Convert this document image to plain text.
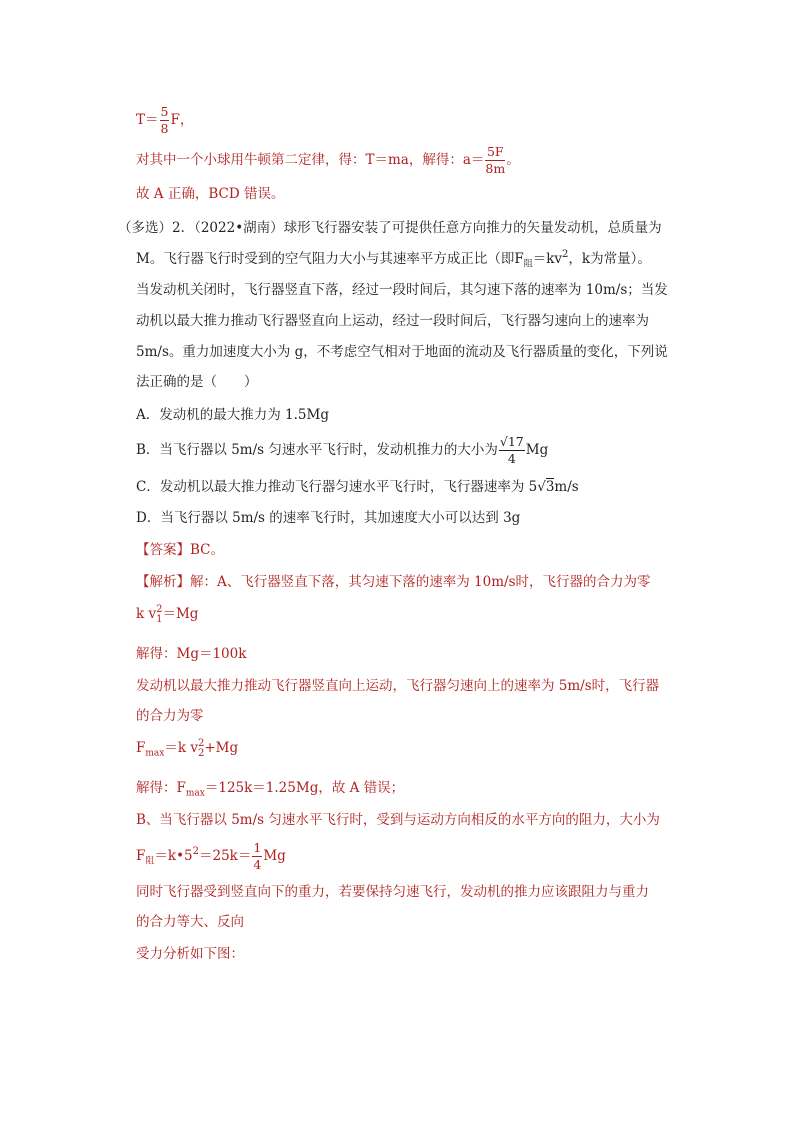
$T= \frac{5}{8}$ F，
对其中一个小球用牛顿第二定律，得：T＝ma，解得：$a= \frac{5F}{8m}$ 。
故 A 正确，BCD 错误。
（多选）2．（2022•湖南）球形飞行器安装了可提供任意方向推力的矢量发动机，总质量为
M。飞行器飞行时受到的空气阻力大小与其速率平方成正比（即$F_阻=kv^2$，k为常量）。
当发动机关闭时，飞行器竖直下落，经过一段时间后，其匀速下落的速率为 10m/s；当发
动机以最大推力推动飞行器竖直向上运动，经过一段时间后，飞行器匀速向上的速率为
5m/s。重力加速度大小为 g，不考虑空气相对于地面的流动及飞行器质量的变化，下列说
法正确的是（　　）
A．发动机的最大推力为 1.5Mg
B．当飞行器以 5m/s 匀速水平飞行时，发动机推力的大小为 $\frac{√17}{4}$ Mg
C．发动机以最大推力推动飞行器匀速水平飞行时，飞行器速率为 5√3m/s
D．当飞行器以 5m/s 的速率飞行时，其加速度大小可以达到 3g
【答案】BC。
【解析】解：A、飞行器竖直下落，其匀速下落的速率为 10m/s时，飞行器的合力为零
k v 2
1 ＝Mg
解得：Mg＝100k
发动机以最大推力推动飞行器竖直向上运动，飞行器匀速向上的速率为 5m/s时，飞行器
的合力为零
$F_{max}=k$ v 2
2 +Mg
解得：$F_{max}=125k=1.25Mg$，故 A 错误；
B、当飞行器以 5m/s 匀速水平飞行时，受到与运动方向相反的水平方向的阻力，大小为
$F_阻=k•5^2=25k= \frac{1}{4}$ Mg
同时飞行器受到竖直向下的重力，若要保持匀速飞行，发动机的推力应该跟阻力与重力
的合力等大、反向
受力分析如下图：
